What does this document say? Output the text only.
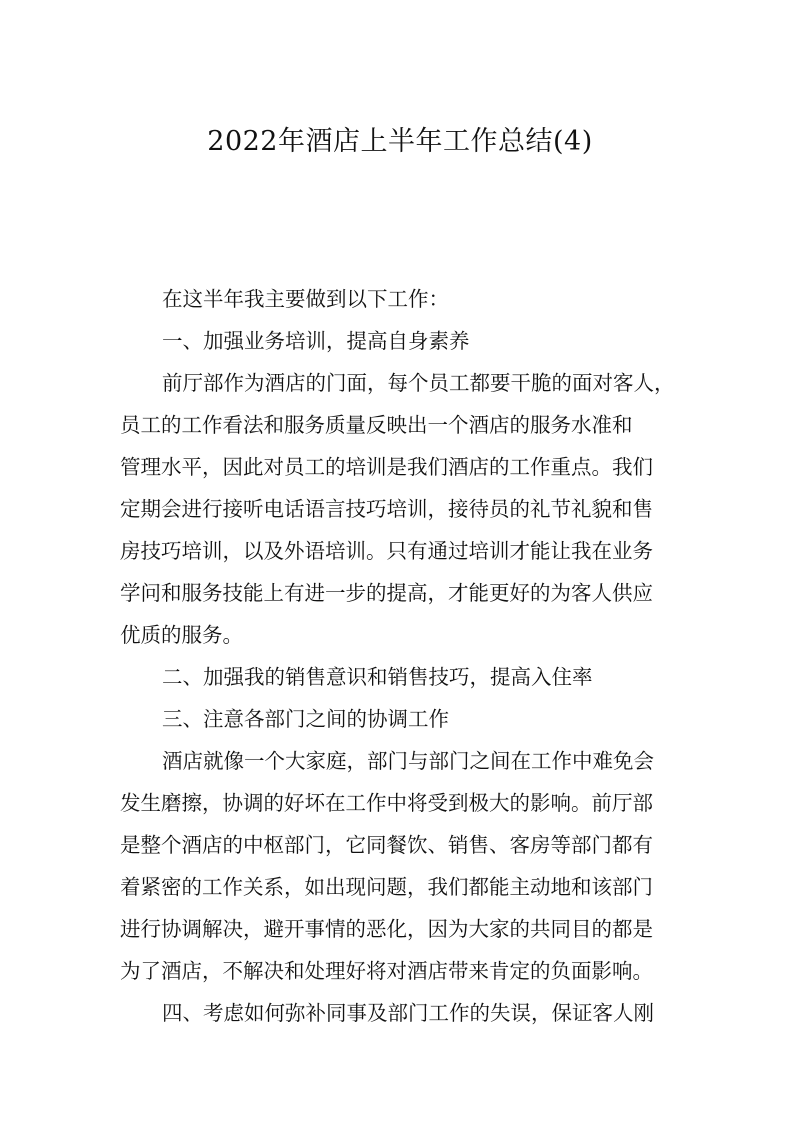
2022年酒店上半年工作总结(4)

在这半年我主要做到以下工作：

一、加强业务培训，提高自身素养

前厅部作为酒店的门面，每个员工都要干脆的面对客人，
员工的工作看法和服务质量反映出一个酒店的服务水准和
管理水平，因此对员工的培训是我们酒店的工作重点。我们
定期会进行接听电话语言技巧培训，接待员的礼节礼貌和售
房技巧培训，以及外语培训。只有通过培训才能让我在业务
学问和服务技能上有进一步的提高，才能更好的为客人供应
优质的服务。

二、加强我的销售意识和销售技巧，提高入住率

三、注意各部门之间的协调工作

酒店就像一个大家庭，部门与部门之间在工作中难免会
发生磨擦，协调的好坏在工作中将受到极大的影响。前厅部
是整个酒店的中枢部门，它同餐饮、销售、客房等部门都有
着紧密的工作关系，如出现问题，我们都能主动地和该部门
进行协调解决，避开事情的恶化，因为大家的共同目的都是
为了酒店，不解决和处理好将对酒店带来肯定的负面影响。

四、考虑如何弥补同事及部门工作的失误，保证客人刚
